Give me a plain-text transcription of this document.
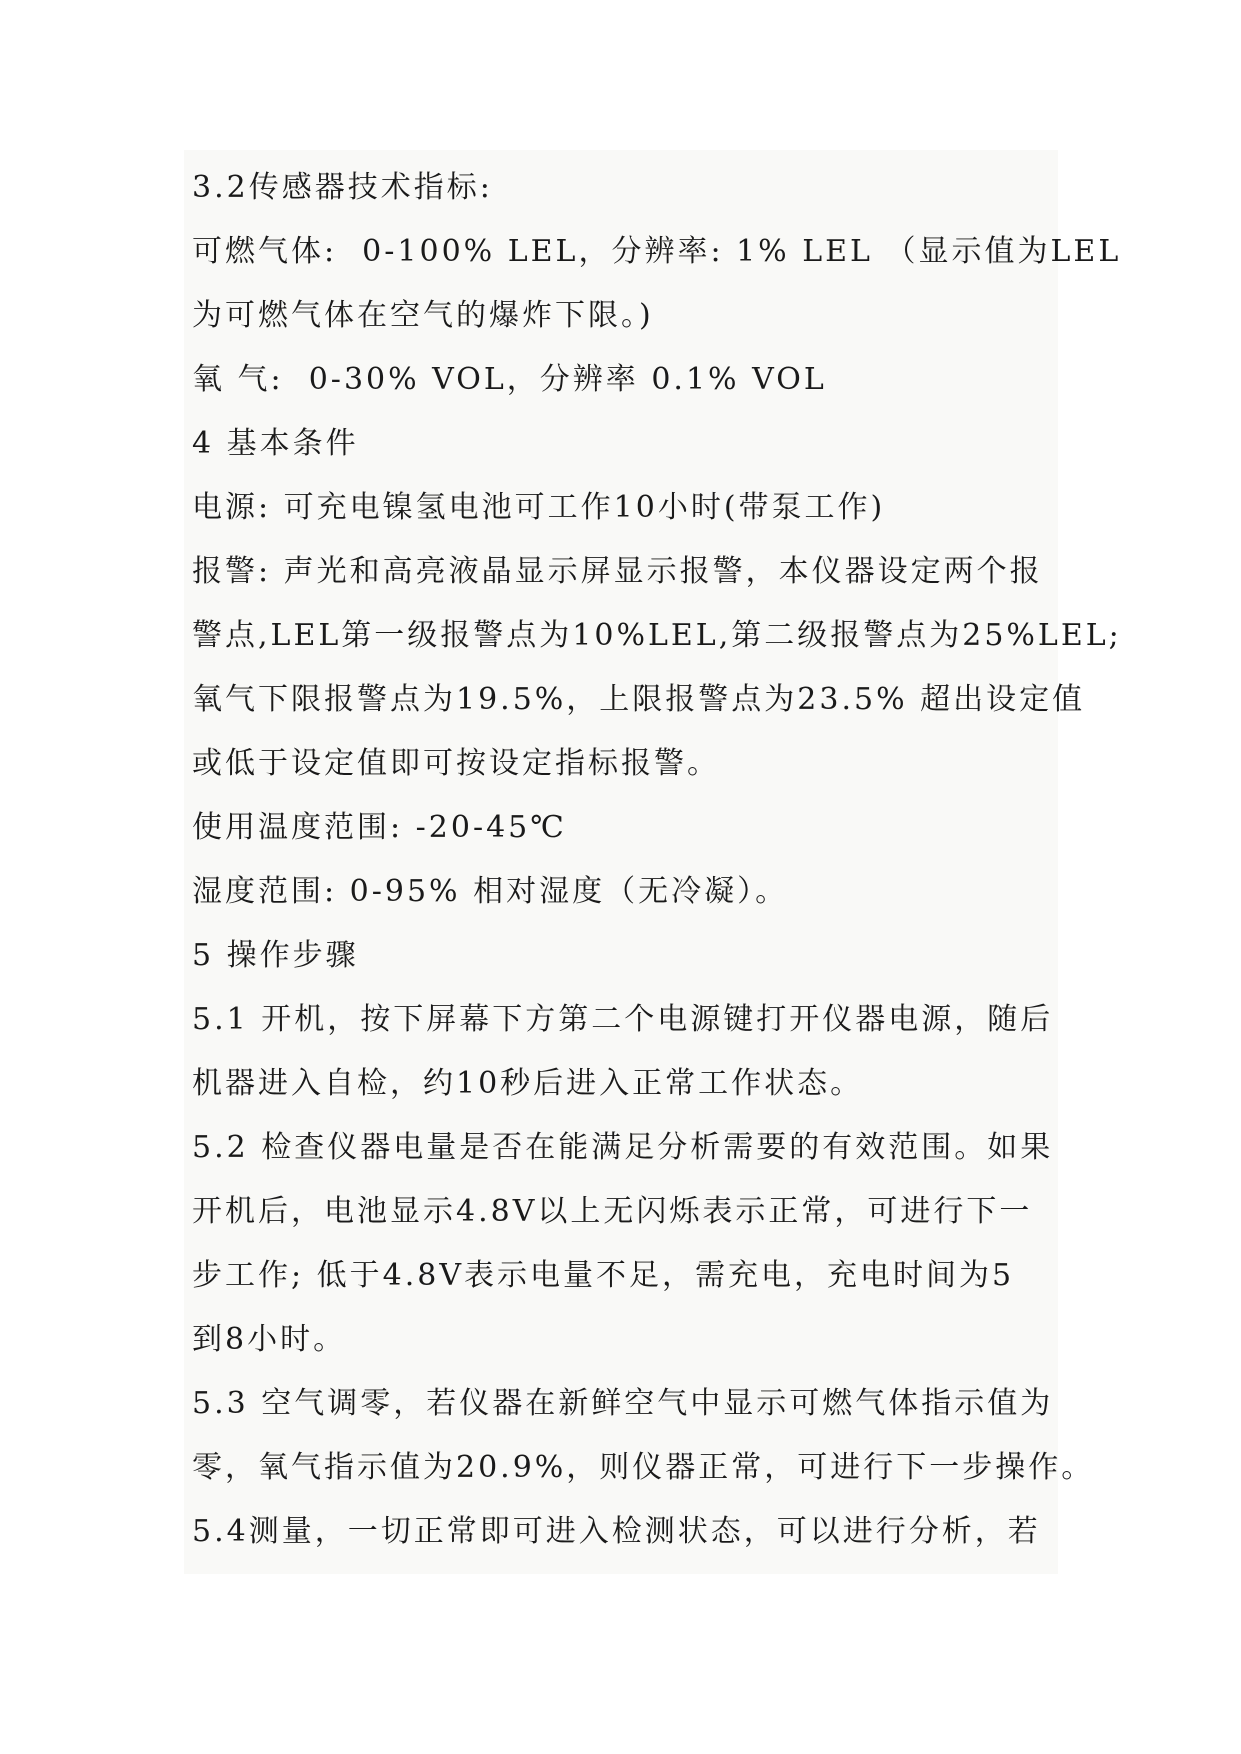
3.2传感器技术指标:
可燃气体:  0-100% LEL，分辨率: 1% LEL （显示值为LEL
为可燃气体在空气的爆炸下限。)
氧 气:  0-30% VOL，分辨率 0.1% VOL
4 基本条件
电源: 可充电镍氢电池可工作10小时(带泵工作)
报警: 声光和高亮液晶显示屏显示报警，本仪器设定两个报
警点,LEL第一级报警点为10%LEL,第二级报警点为25%LEL;
氧气下限报警点为19.5%，上限报警点为23.5% 超出设定值
或低于设定值即可按设定指标报警。
使用温度范围: -20-45℃
湿度范围: 0-95% 相对湿度（无冷凝）。
5 操作步骤
5.1 开机，按下屏幕下方第二个电源键打开仪器电源，随后
机器进入自检，约10秒后进入正常工作状态。
5.2 检查仪器电量是否在能满足分析需要的有效范围。如果
开机后，电池显示4.8V以上无闪烁表示正常，可进行下一
步工作; 低于4.8V表示电量不足，需充电，充电时间为5
到8小时。
5.3 空气调零，若仪器在新鲜空气中显示可燃气体指示值为
零，氧气指示值为20.9%，则仪器正常，可进行下一步操作。
5.4测量，一切正常即可进入检测状态，可以进行分析，若
